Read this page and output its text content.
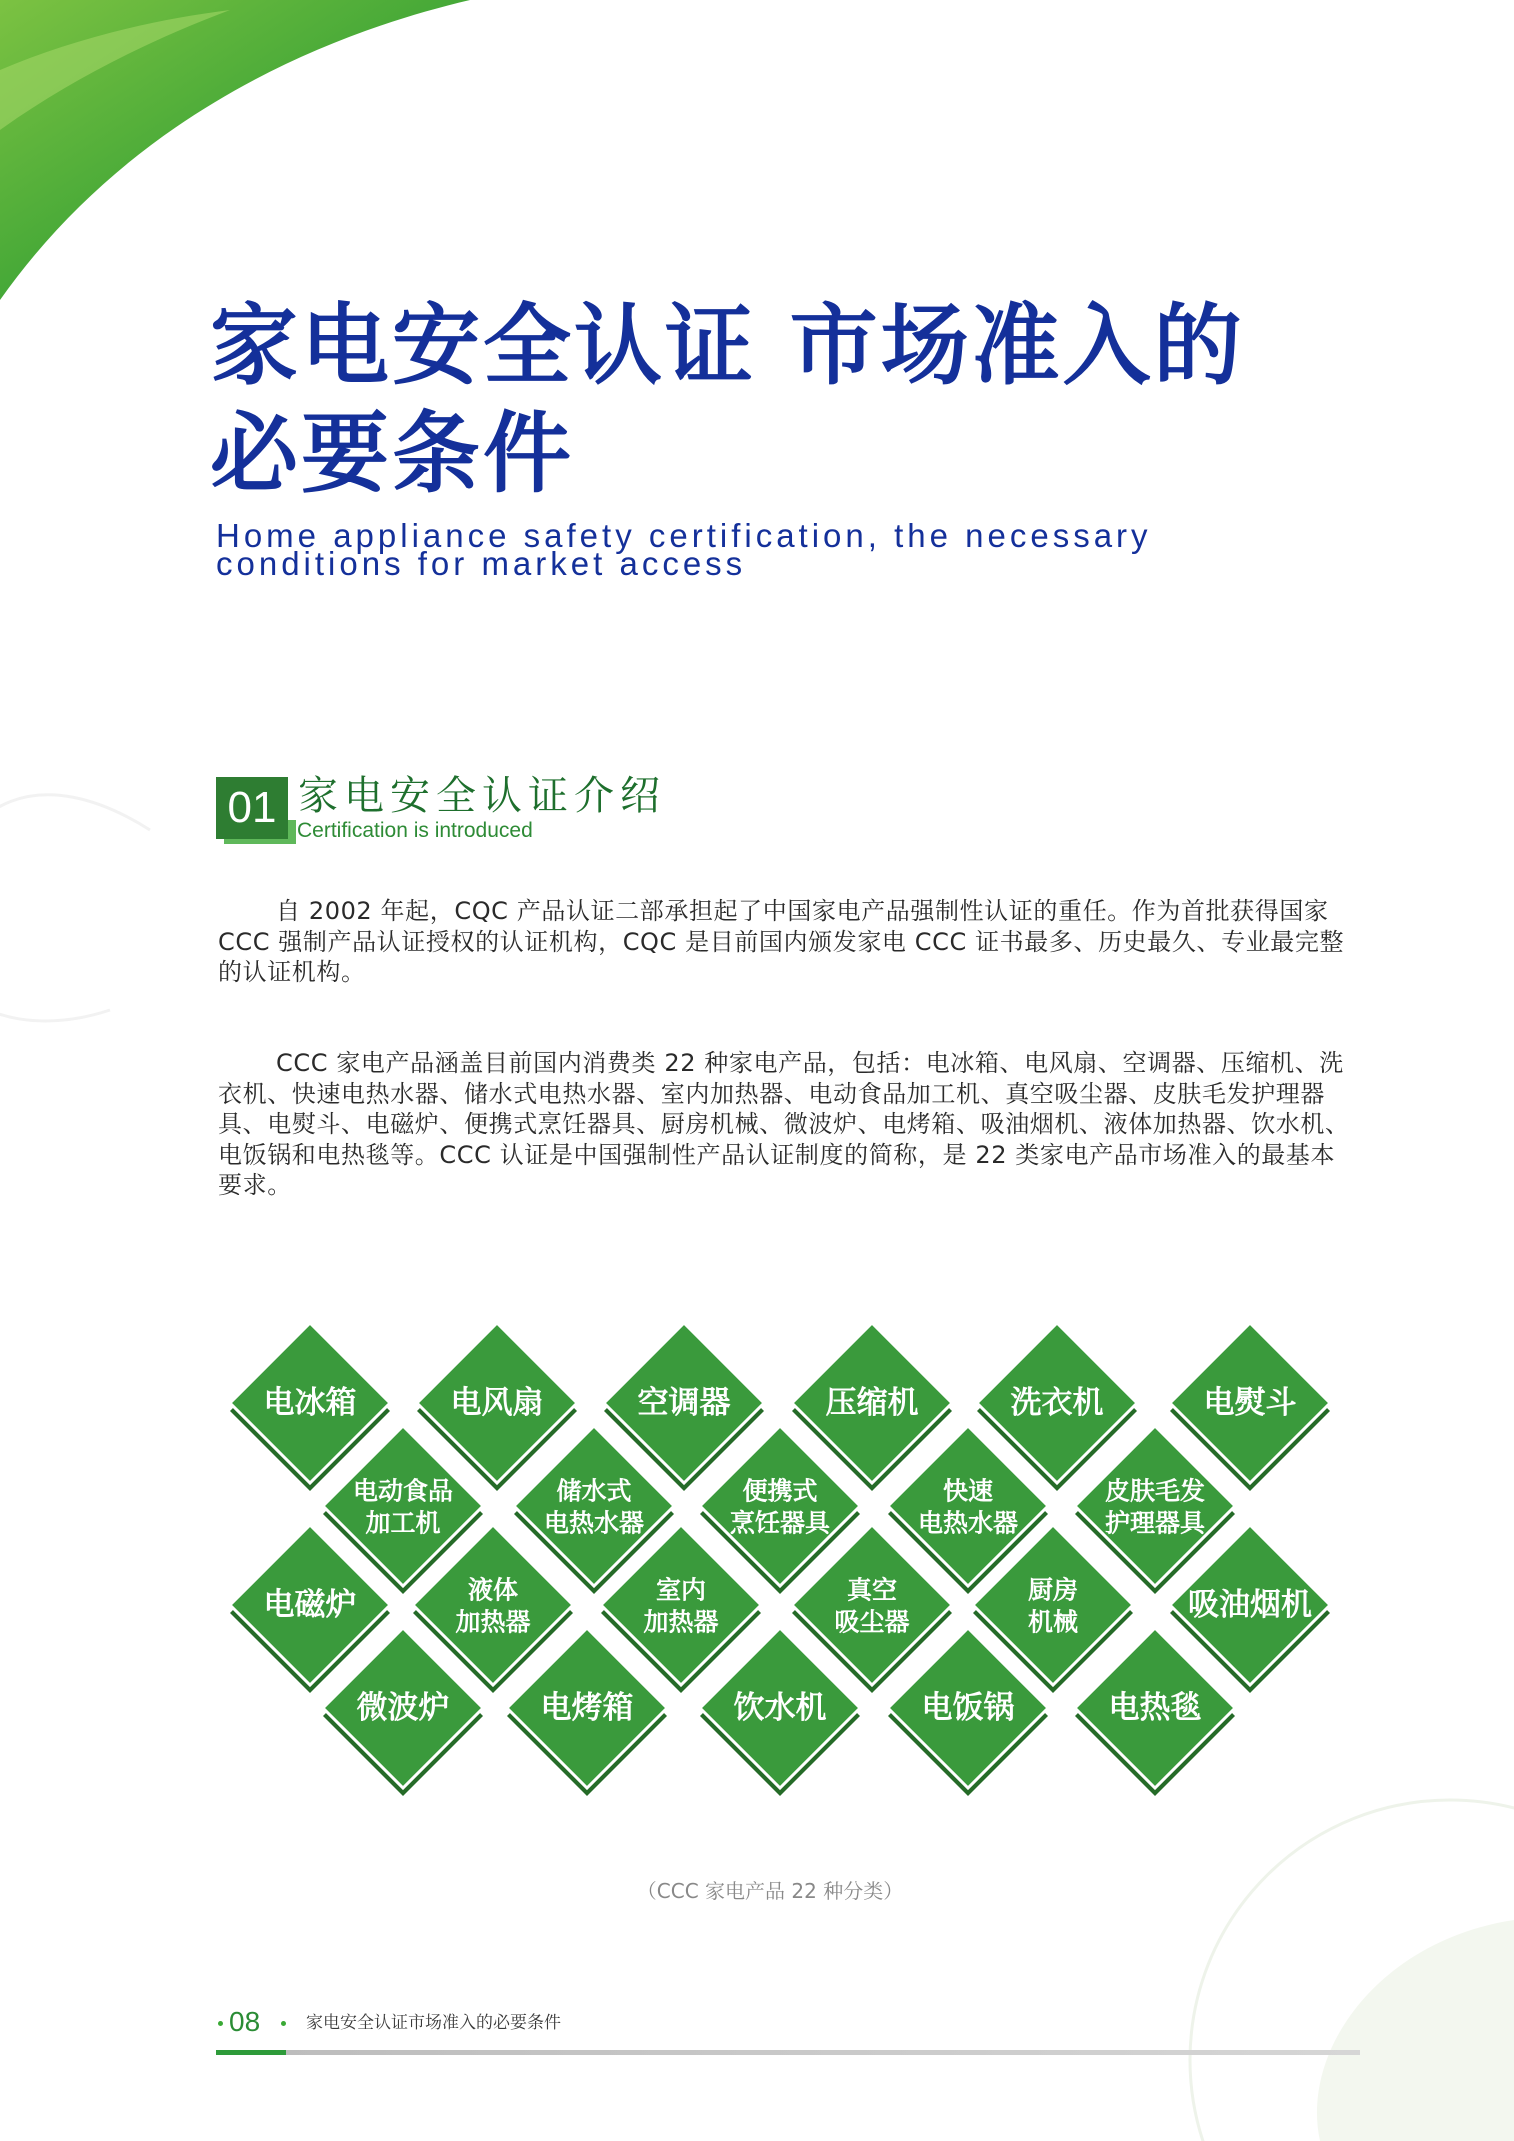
家电安全认证 市场准入的
必要条件
Home appliance safety certification, the necessary
conditions for market access
01 家电安全认证介绍
Certification is introduced

自 2002 年起，CQC 产品认证二部承担起了中国家电产品强制性认证的重任。作为首批获得国家 CCC 强制产品认证授权的认证机构，CQC 是目前国内颁发家电 CCC 证书最多、历史最久、专业最完整的认证机构。

CCC 家电产品涵盖目前国内消费类 22 种家电产品，包括：电冰箱、电风扇、空调器、压缩机、洗衣机、快速电热水器、储水式电热水器、室内加热器、电动食品加工机、真空吸尘器、皮肤毛发护理器具、电熨斗、电磁炉、便携式烹饪器具、厨房机械、微波炉、电烤箱、吸油烟机、液体加热器、饮水机、电饭锅和电热毯等。CCC 认证是中国强制性产品认证制度的简称，是 22 类家电产品市场准入的最基本要求。

电冰箱	电风扇	空调器	压缩机	洗衣机	电熨斗
电动食品
加工机
储水式
电热水器
便携式
烹饪器具
快速
电热水器
皮肤毛发
护理器具
电磁炉	液体
加热器
室内
加热器
真空
吸尘器
厨房
机械	吸油烟机
微波炉	电烤箱	饮水机	电饭锅	电热毯
（CCC 家电产品 22 种分类）
08	家电安全认证市场准入的必要条件
